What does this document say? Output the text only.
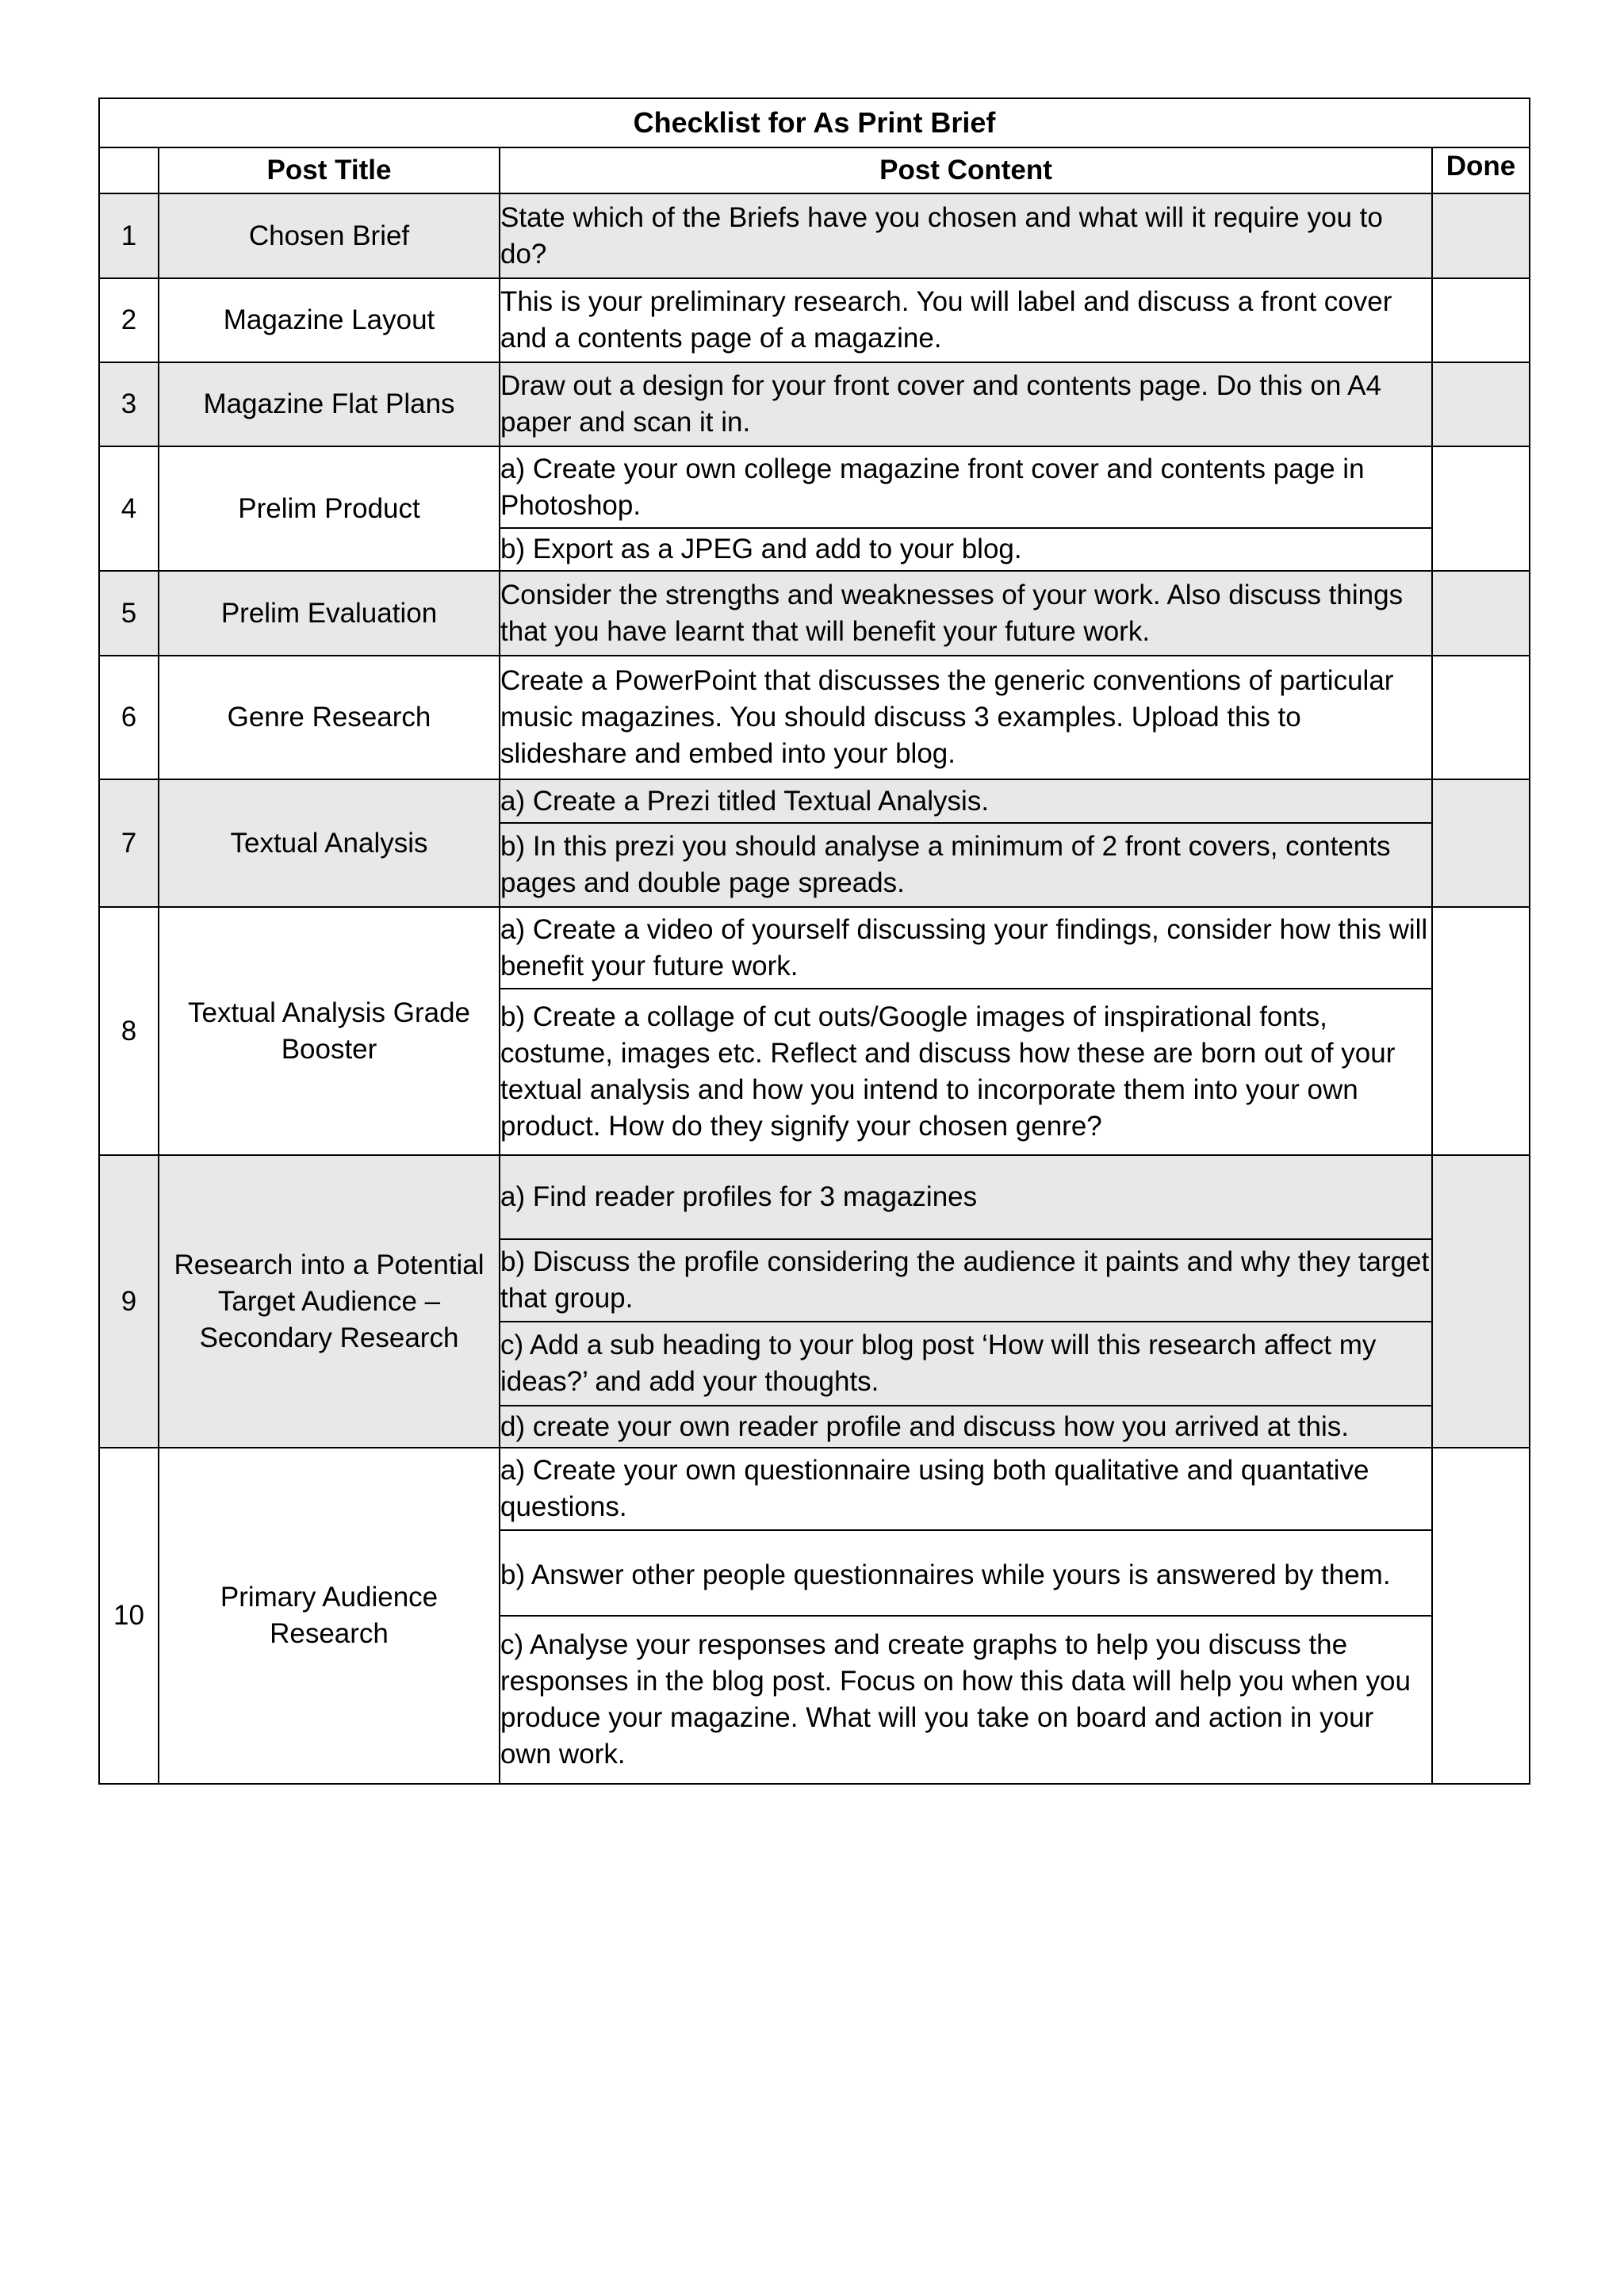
Checklist for As Print Brief			
	Post Title	Post Content	Done
1	Chosen Brief	State which of the Briefs have you chosen and what will it require you to do?	
2	Magazine Layout	This is your preliminary research. You will label and discuss a front cover and a contents page of a magazine.	
3	Magazine Flat Plans	Draw out a design for your front cover and contents page. Do this on A4 paper and scan it in.	
4	Prelim Product	a) Create your own college magazine front cover and contents page in Photoshop.	
		b) Export as a JPEG and add to your blog.	
5	Prelim Evaluation	Consider the strengths and weaknesses of your work. Also discuss things that you have learnt that will benefit your future work.	
6	Genre Research	Create a PowerPoint that discusses the generic conventions of particular music magazines. You should discuss 3 examples. Upload this to slideshare and embed into your blog.	
7	Textual Analysis	a) Create a Prezi titled Textual Analysis.	
		b) In this prezi you should analyse a minimum of 2 front covers, contents pages and double page spreads.	
8	Textual Analysis Grade Booster	a) Create a video of yourself discussing your findings, consider how this will benefit your future work.	
		b) Create a collage of cut outs/Google images of inspirational fonts, costume, images etc. Reflect and discuss how these are born out of your textual analysis and how you intend to incorporate them into your own product. How do they signify your chosen genre?	
9	Research into a Potential Target Audience – Secondary Research	a) Find reader profiles for 3 magazines	
		b) Discuss the profile considering the audience it paints and why they target that group.	
		c) Add a sub heading to your blog post ‘How will this research affect my ideas?’ and add your thoughts.	
		d) create your own reader profile and discuss how you arrived at this.	
10	Primary Audience Research	a) Create your own questionnaire using both qualitative and quantative questions.	
		b) Answer other people questionnaires while yours is answered by them.	
		c) Analyse your responses and create graphs to help you discuss the responses in the blog post. Focus on how this data will help you when you produce your magazine. What will you take on board and action in your own work.	
